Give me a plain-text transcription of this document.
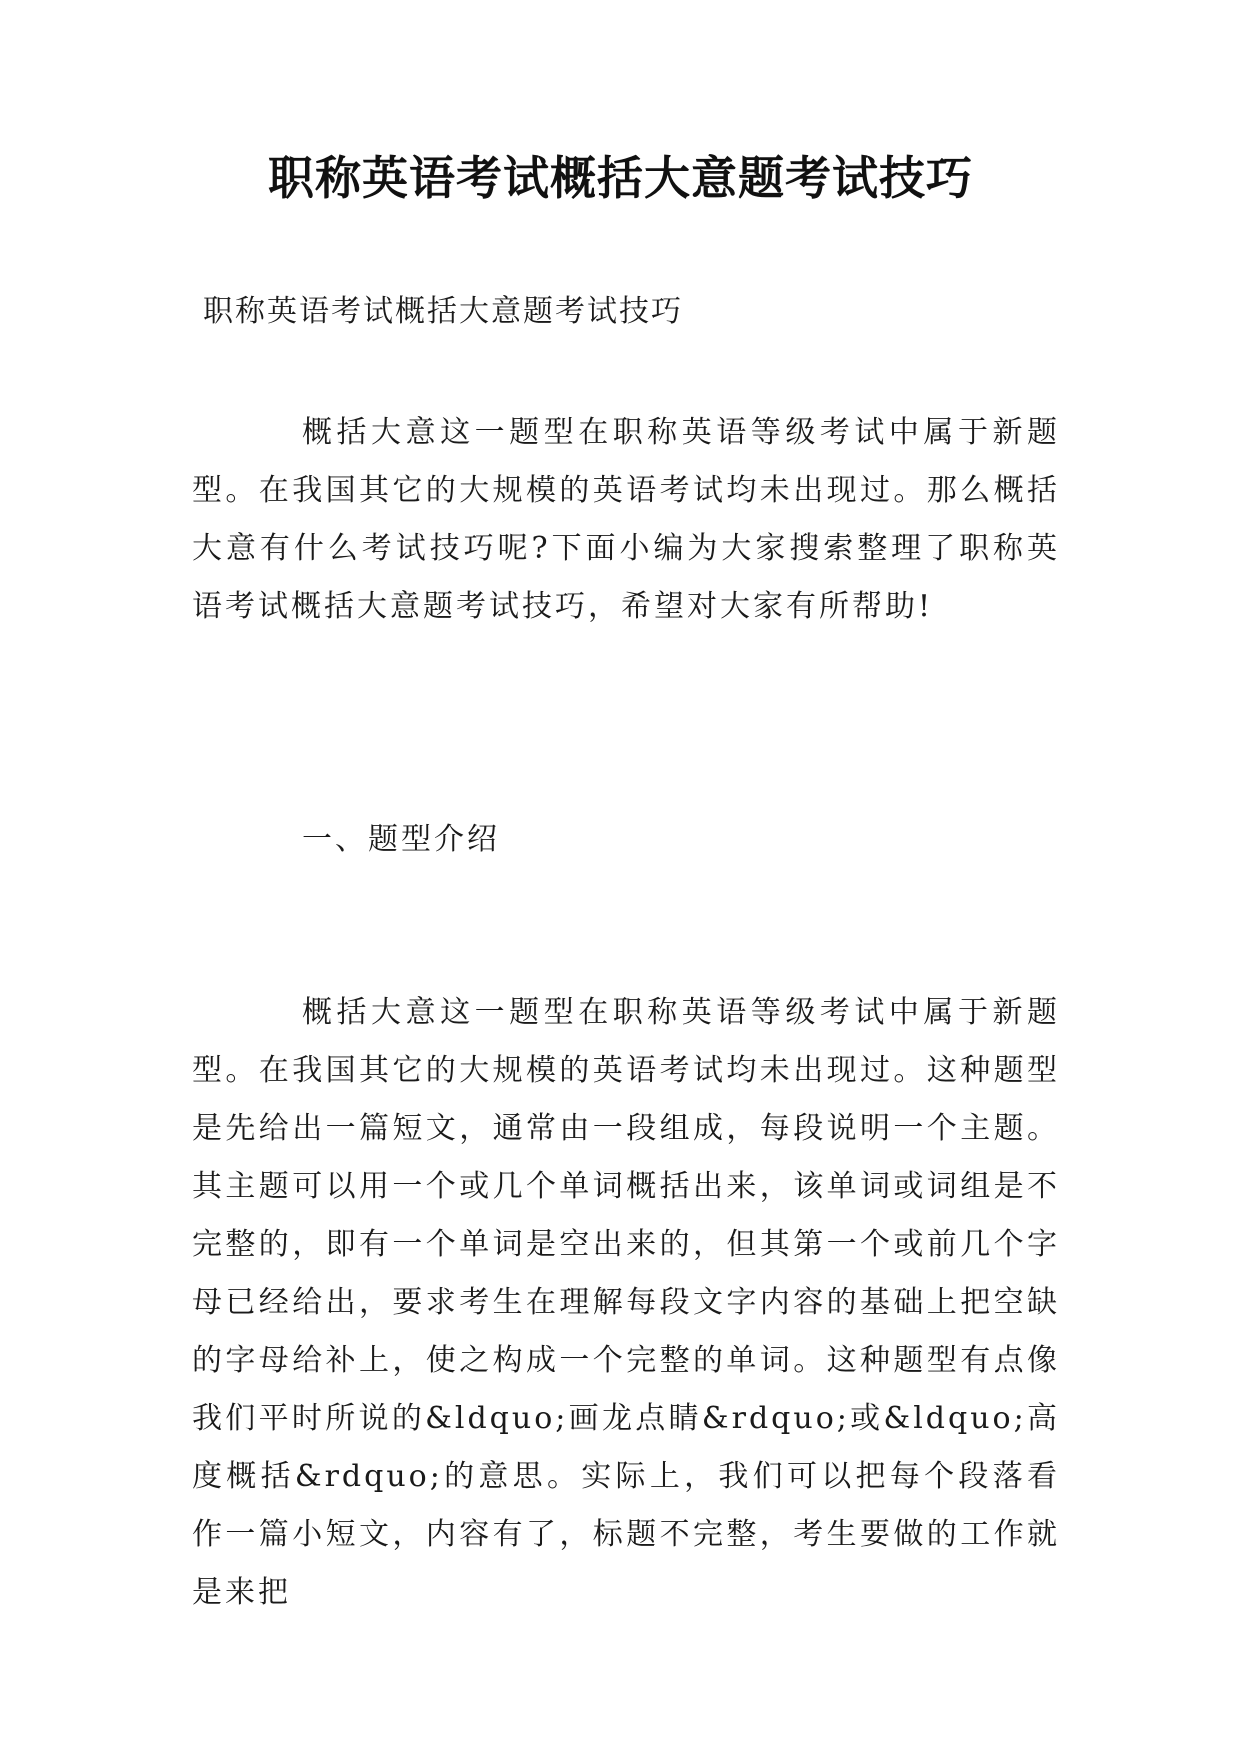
职称英语考试概括大意题考试技巧
职称英语考试概括大意题考试技巧

概括大意这一题型在职称英语等级考试中属于新题型。在我国其它的大规模的英语考试均未出现过。那么概括大意有什么考试技巧呢?下面小编为大家搜索整理了职称英语考试概括大意题考试技巧，希望对大家有所帮助!

一、题型介绍

概括大意这一题型在职称英语等级考试中属于新题型。在我国其它的大规模的英语考试均未出现过。这种题型是先给出一篇短文，通常由一段组成，每段说明一个主题。其主题可以用一个或几个单词概括出来，该单词或词组是不完整的，即有一个单词是空出来的，但其第一个或前几个字母已经给出，要求考生在理解每段文字内容的基础上把空缺的字母给补上，使之构成一个完整的单词。这种题型有点像我们平时所说的&ldquo;画龙点睛&rdquo;或&ldquo;高度概括&rdquo;的意思。实际上，我们可以把每个段落看作一篇小短文，内容有了，标题不完整，考生要做的工作就是来把
